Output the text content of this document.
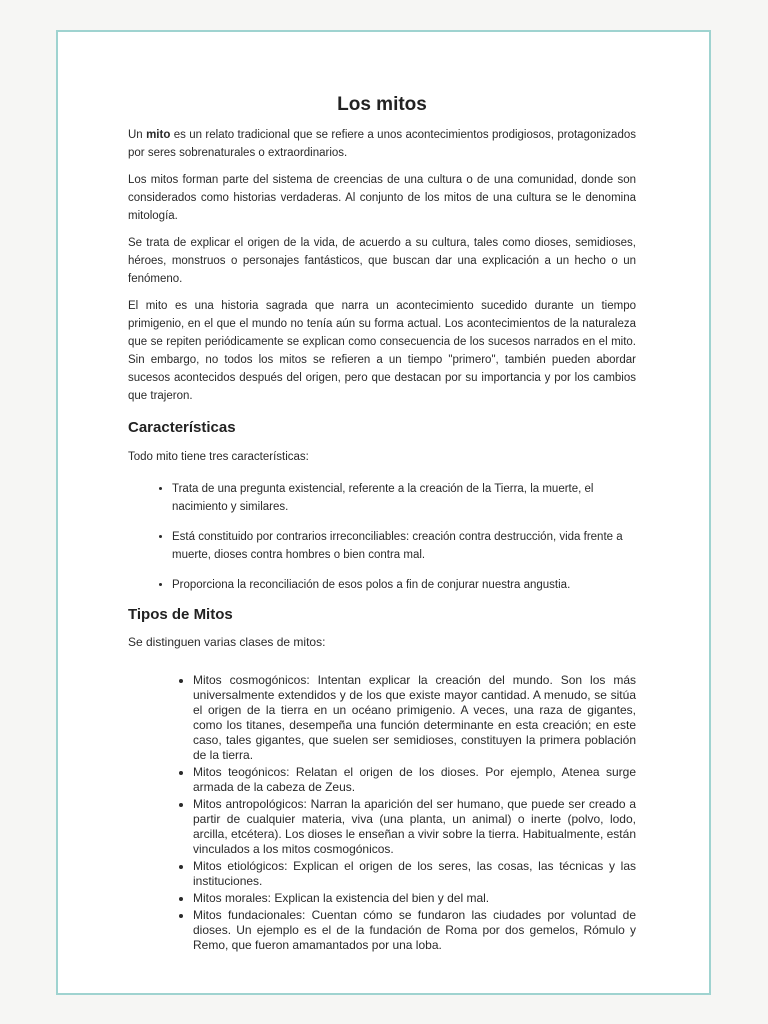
Los mitos

Un mito es un relato tradicional que se refiere a unos acontecimientos prodigiosos, protagonizados por seres sobrenaturales o extraordinarios.

Los mitos forman parte del sistema de creencias de una cultura o de una comunidad, donde son considerados como historias verdaderas. Al conjunto de los mitos de una cultura se le denomina mitología.

Se trata de explicar el origen de la vida, de acuerdo a su cultura, tales como dioses, semidioses, héroes, monstruos o personajes fantásticos, que buscan dar una explicación a un hecho o un fenómeno.

El mito es una historia sagrada que narra un acontecimiento sucedido durante un tiempo primigenio, en el que el mundo no tenía aún su forma actual. Los acontecimientos de la naturaleza que se repiten periódicamente se explican como consecuencia de los sucesos narrados en el mito. Sin embargo, no todos los mitos se refieren a un tiempo "primero", también pueden abordar sucesos acontecidos después del origen, pero que destacan por su importancia y por los cambios que trajeron.

Características

Todo mito tiene tres características:

• Trata de una pregunta existencial, referente a la creación de la Tierra, la muerte, el nacimiento y similares.
• Está constituido por contrarios irreconciliables: creación contra destrucción, vida frente a muerte, dioses contra hombres o bien contra mal.
• Proporciona la reconciliación de esos polos a fin de conjurar nuestra angustia.
Tipos de Mitos

Se distinguen varias clases de mitos:

• Mitos cosmogónicos: Intentan explicar la creación del mundo. Son los más universalmente extendidos y de los que existe mayor cantidad. A menudo, se sitúa el origen de la tierra en un océano primigenio. A veces, una raza de gigantes, como los titanes, desempeña una función determinante en esta creación; en este caso, tales gigantes, que suelen ser semidioses, constituyen la primera población de la tierra.
• Mitos teogónicos: Relatan el origen de los dioses. Por ejemplo, Atenea surge armada de la cabeza de Zeus.
• Mitos antropológicos: Narran la aparición del ser humano, que puede ser creado a partir de cualquier materia, viva (una planta, un animal) o inerte (polvo, lodo, arcilla, etcétera). Los dioses le enseñan a vivir sobre la tierra. Habitualmente, están vinculados a los mitos cosmogónicos.
• Mitos etiológicos: Explican el origen de los seres, las cosas, las técnicas y las instituciones.
• Mitos morales: Explican la existencia del bien y del mal.
• Mitos fundacionales: Cuentan cómo se fundaron las ciudades por voluntad de dioses. Un ejemplo es el de la fundación de Roma por dos gemelos, Rómulo y Remo, que fueron amamantados por una loba.
